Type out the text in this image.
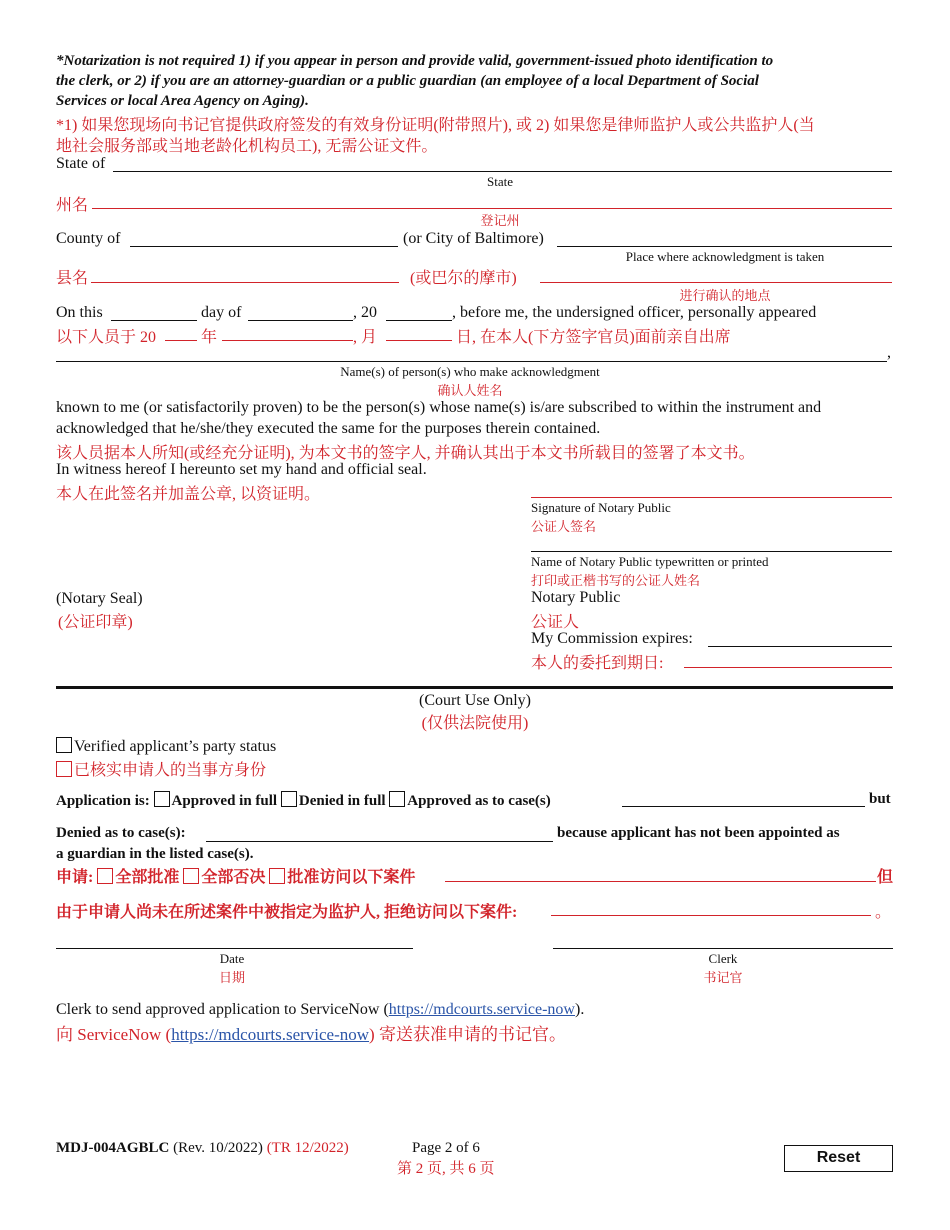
*Notarization is not required 1) if you appear in person and provide valid, government-issued photo identification to
the clerk, or 2) if you are an attorney-guardian or a public guardian (an employee of a local Department of Social
Services or local Area Agency on Aging).
*1) 如果您现场向书记官提供政府签发的有效身份证明(附带照片), 或 2) 如果您是律师监护人或公共监护人(当
地社会服务部或当地老龄化机构员工), 无需公证文件。
State of
State
州名
登记州
County of	(or City of Baltimore)
Place where acknowledgment is taken
县名	(或巴尔的摩市)
进行确认的地点
On this	day of	, 20	, before me, the undersigned officer, personally appeared
以下人员于 20	年	, 月	日, 在本人(下方签字官员)面前亲自出席
,
Name(s) of person(s) who make acknowledgment
确认人姓名
known to me (or satisfactorily proven) to be the person(s) whose name(s) is/are subscribed to within the instrument and
acknowledged that he/she/they executed the same for the purposes therein contained.
该人员据本人所知(或经充分证明), 为本文书的签字人, 并确认其出于本文书所载目的签署了本文书。
In witness hereof I hereunto set my hand and official seal.
本人在此签名并加盖公章, 以资证明。
Signature of Notary Public
公证人签名
Name of Notary Public typewritten or printed
打印或正楷书写的公证人姓名
(Notary Seal)
(公证印章)
Notary Public
公证人
My Commission expires:
本人的委托到期日:
(Court Use Only)
(仅供法院使用)
Verified applicant’s party status
已核实申请人的当事方身份
Application is: Approved in full Denied in full Approved as to case(s)	but
Denied as to case(s):	because applicant has not been appointed as
a guardian in the listed case(s).
申请: 全部批准 全部否决 批准访问以下案件	但
由于申请人尚未在所述案件中被指定为监护人, 拒绝访问以下案件:	。
Date
日期
Clerk
书记官
Clerk to send approved application to ServiceNow (https://mdcourts.service-now).
向 ServiceNow (https://mdcourts.service-now) 寄送获准申请的书记官。
MDJ-004AGBLC (Rev. 10/2022) (TR 12/2022)	Page 2 of 6
第 2 页, 共 6 页
Reset
